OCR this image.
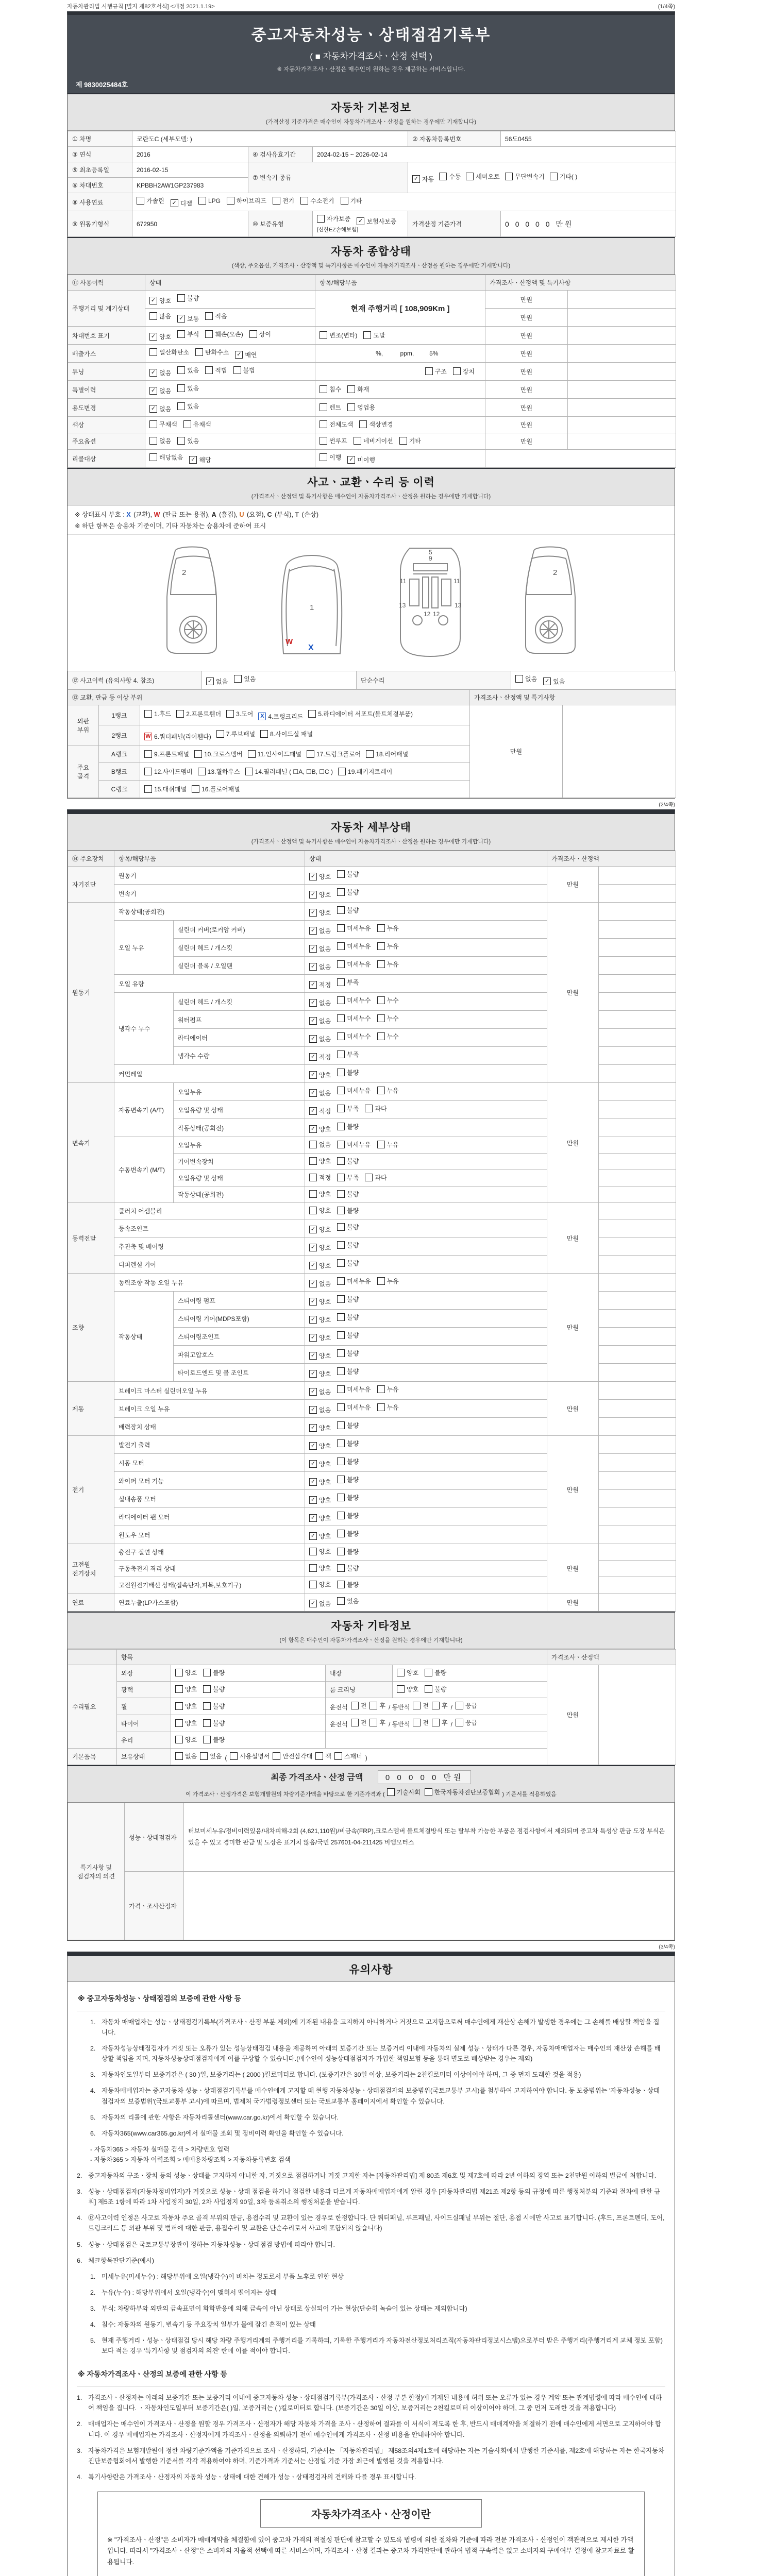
자동차관리법 시행규칙 [별지 제82호서식] <개정 2021.1.19>	(1/4쪽)
중고자동차성능ㆍ상태점검기록부
( ■ 자동차가격조사ㆍ산정 선택 )
※ 자동차가격조사ㆍ산정은 매수인이 원하는 경우 제공하는 서비스입니다.
제 9830025484호
자동차 기본정보
(가격산정 기준가격은 매수인이 자동차가격조사ㆍ산정을 원하는 경우에만 기재합니다)
① 차명	코란도C (세부모델: )			② 자동차등록번호	56도0455
③ 연식	2016	④ 검사유효기간	2024-02-15 ~ 2026-02-14		
⑤ 최초등록일	2016-02-15	⑦ 변속기 종류	✓ 자동 수동 세미오토 무단변속기 기타( )

⑥ 차대번호	KPBBH2AW1GP237983				
⑧ 사용연료	가솔린 ✓ 디젤	LPG	하이브리드	전기	수소전기	기타

⑨ 원동기형식	672950	⑩ 보증유형	자가보증 ✓ 보험사보증
[신한EZ손해보험]	가격산정 기준가격	0 0 0 0 0 만원
자동차 종합상태
(색상, 주요옵션, 가격조사ㆍ산정액 및 특기사항은 매수인이 자동차가격조사ㆍ산정을 원하는 경우에만 기재합니다)
⑪ 사용이력	상태	항목/해당부품	가격조사ㆍ산정액 및 특기사항	
주행거리 및 계기상태	✓ 양호 불량	현재 주행거리 [ 108,909Km ]	만원	

	많음 ✓ 보통 적음		만원	
차대번호 표기	✓ 양호 부식 훼손(오손) 상이	변조(변타) 도말	만원	
배출가스	일산화탄소 탄화수소 ✓ 매연	%,          ppm,         5%	만원	
튜닝	✓ 없음 있음 적법 불법	구조 장치	만원	
특별이력	✓ 없음 있음	침수 화재	만원	
용도변경	✓ 없음 있음	렌트 영업용	만원	
색상	무채색 유채색	전체도색 색상변경	만원	
주요옵션	없음 있음	썬루프 네비게이션 기타	만원	
리콜대상	해당없음 ✓ 해당	이행 ✓ 미이행		

사고ㆍ교환ㆍ수리 등 이력
(가격조사ㆍ산정액 및 특기사항은 매수인이 자동차가격조사ㆍ산정을 원하는 경우에만 기재합니다)
※ 상태표시 부호 : X (교환), W (판금 또는 용접), A (흠집), U (요철), C (부식), T (손상)
※ 하단 항목은 승용차 기준이며, 기타 자동차는 승용차에 준하여 표시
2
1
X
W
11	11
13	13
12 12
9
5
2
⑫ 사고이력 (유의사항 4. 참조)	✓ 없음	있음	단순수리	없음 ✓ 있음
⑬ 교환, 판금 등 이상 부위			가격조사ㆍ산정액 및 특기사항	
외판 부위	1랭크	1.후드 2.프론트휀더 3.도어	X 4.트렁크리드 5.라디에이터 서포트(볼트체결부품)
	만원	
	2랭크	W 6.쿼터패널(리어휀다) 7.루브패널 8.사이드실 패널		

주요 골격	A랭크	9.프론트패널 10.크로스멤버 11.인사이드패널 17.트렁크플로어 18.리어패널		

	B랭크	12.사이드멤버 13.휠하우스 14.필러패널 ( ☐A, ☐B, ☐C ) 19.패키지트레이		

	C랭크	15.대쉬패널 16.플로어패널		
(2/4쪽)
자동차 세부상태
(가격조사ㆍ산정액 및 특기사항은 매수인이 자동차가격조사ㆍ산정을 원하는 경우에만 기재합니다)
⑭ 주요장치	항목/해당부품		상태	가격조사ㆍ산정액	
자기진단	원동기		✓ 양호 불량	만원	
	변속기		✓ 양호 불량		

원동기	작동상태(공회전)		✓ 양호 불량	만원	
	오일 누유	실린더 커버(로커암 커버)	✓ 없음 미세누유 누유		

		실린더 헤드 / 개스킷	✓ 없음 미세누유 누유		

		실린더 블록 / 오일팬	✓ 없음 미세누유 누유		

	오일 유량		✓ 적정 부족		

	냉각수 누수	실린더 헤드 / 개스킷	✓ 없음 미세누수 누수		

		워터펌프	✓ 없음 미세누수 누수		

		라디에이터	✓ 없음 미세누수 누수		

		냉각수 수량	✓ 적정 부족		

	커먼레일		✓ 양호 불량		

변속기	자동변속기 (A/T)	오일누유	✓ 없음 미세누유 누유	만원	
		오일유량 및 상태	✓ 적정 부족 과다		

		작동상태(공회전)	✓ 양호 불량		

	수동변속기 (M/T)	오일누유	없음 미세누유 누유		

		기어변속장치	양호 불량		

		오일유량 및 상태	적정 부족 과다		

		작동상태(공회전)	양호 불량		

동력전달	클러치 어셈블리		양호 불량	만원	
	등속조인트		✓ 양호 불량		

	추진축 및 베어링		✓ 양호 불량		

	디퍼렌셜 기어		✓ 양호 불량		

조향	동력조향 작동 오일 누유		✓ 없음 미세누유 누유	만원	
	작동상태	스티어링 펌프	✓ 양호 불량		

		스티어링 기어(MDPS포함)	✓ 양호 불량		

		스티어링조인트	✓ 양호 불량		

		파워고압호스	✓ 양호 불량		

		타이로드엔드 및 볼 조인트	✓ 양호 불량		

제동	브레이크 마스터 실린더오일 누유		✓ 없음 미세누유 누유	만원	
	브레이크 오일 누유		✓ 없음 미세누유 누유		

	배력장치 상태		✓ 양호 불량		

전기	발전기 출력		✓ 양호 불량	만원	
	시동 모터		✓ 양호 불량		

	와이퍼 모터 기능		✓ 양호 불량		

	실내송풍 모터		✓ 양호 불량		

	라디에이터 팬 모터		✓ 양호 불량		

	윈도우 모터		✓ 양호 불량		

고전원 전기장치	충전구 절연 상태		양호 불량	만원	
	구동축전지 격리 상태		양호 불량		

	고전원전기배선 상태(접속단자,피복,보호기구)		양호 불량		

연료	연료누출(LP가스포함)		✓ 없음 있음	만원	
자동차 기타정보
(이 항목은 매수인이 자동차가격조사ㆍ산정을 원하는 경우에만 기재합니다)
	항목				가격조사ㆍ산정액	
수리필요	외장	양호 불량	내장	양호 불량	만원	
	광택	양호 불량	룸 크리닝	양호 불량		

휠	양호	불량	운전석 전 후 / 동반석 전 후 / 응급

타이어	양호	불량	운전석 전 후 / 동반석 전 후 / 응급

	유리	양호 불량				

기본품목	보유상태	없음 있음 ( 사용설명서 안전삼각대 잭 스패너 )
최종 가격조사ㆍ산정 금액	0 0 0 0 0 만원
이 가격조사ㆍ산정가격은 보험개발원의 차량기준가액을 바탕으로 한 기준가격과 ( 기술사회 한국자동차진단보증협회 ) 기준서를 적용하였음
특기사항 및 점검자의 의견	성능ㆍ상태점검자	터보미세누유/정비이력있음/내차피해-2회 (4,621,110원)/비금속(FRP),크로스멤버 볼트체결방식 또는 탈부착 가능한 부품은 점검사항에서 제외되며 중고차 특성상 판금 도장 부식은 있을 수 있고 경미한 판금 및 도장은 표기치 않음/국민 257601-04-211425 비엠모터스
	가격ㆍ조사산정자	
(3/4쪽)
유의사항
※ 중고자동차성능ㆍ상태점검의 보증에 관한 사항 등
1. 자동차 매매업자는 성능ㆍ상태점검기록부(가격조사ㆍ산정 부분 제외)에 기재된 내용을 고지하지 아니하거나 거짓으로 고지함으로써 매수인에게 재산상 손해가 발생한 경우에는 그 손해를 배상할 책임을 집니다.
2. 자동차성능상태점검자가 거짓 또는 오류가 있는 성능상태점검 내용을 제공하여 아래의 보증기간 또는 보증거리 이내에 자동차의 실제 성능ㆍ상태가 다른 경우, 자동차매매업자는 매수인의 재산상 손해를 배상할 책임을 지며, 자동차성능상태점검자에게 이를 구상할 수 있습니다.(매수인이 성능상태점검자가 가입한 책임보험 등을 통해 별도로 배상받는 경우는 제외)
3. 자동차인도일부터 보증기간은 ( 30 )일, 보증거리는 ( 2000 )킬로미터로 합니다. (보증기간은 30일 이상, 보증거리는 2천킬로미터 이상이어야 하며, 그 중 먼저 도래한 것을 적용)
4. 자동차매매업자는 중고자동차 성능ㆍ상태점검기록부를 매수인에게 고지할 때 현행 자동차성능ㆍ상태점검자의 보증범위(국토교통부 고시)를 첨부하여 고지하여야 합니다. 동 보증범위는 '자동차성능ㆍ상태점검자의 보증범위'(국토교통부 고시)에 따르며, 법제처 국가법령정보센터 또는 국토교통부 홈페이지에서 확인할 수 있습니다.
5. 자동차의 리콜에 관한 사항은 자동차리콜센터(www.car.go.kr)에서 확인할 수 있습니다.
6. 자동차365(www.car365.go.kr)에서 실매물 조회 및 정비이력 확인을 확인할 수 있습니다.
- 자동차365 > 자동차 실매물 검색 > 차량번호 입력
- 자동차365 > 자동차 이력조회 > 매매용차량조회 > 자동차등록번호 검색
2. 중고자동차의 구조ㆍ장치 등의 성능ㆍ상태를 고지하지 아니한 자, 거짓으로 점검하거나 거짓 고지한 자는 [자동차관리법] 제 80조 제6호 및 제7호에 따라 2년 이하의 징역 또는 2천만원 이하의 벌금에 처합니다.
3. 성능ㆍ상태점검자(자동차정비업자)가 거짓으로 성능ㆍ상태 점검을 하거나 점검한 내용과 다르게 자동차매매업자에게 알린 경우 [자동차관리법 제21조 제2항 등의 규정에 따른 행정처분의 기준과 절차에 관한 규칙] 제5조 1항에 따라 1차 사업정지 30일, 2차 사업정지 90일, 3차 등록취소의 행정처분을 받습니다.
4. ⑫사고이력 인정은 사고로 자동차 주요 골격 부위의 판금, 용접수리 및 교환이 있는 경우로 한정합니다. 단 쿼터패널, 루프패널, 사이드실패널 부위는 절단, 용접 시에만 사고로 표기합니다. (후드, 프론트펜더, 도어, 트렁크리드 등 외판 부위 및 범퍼에 대한 판금, 용접수리 및 교환은 단순수리로서 사고에 포함되지 않습니다)
5. 성능ㆍ상태점검은 국토교통부장관이 정하는 자동차성능ㆍ상태점검 방법에 따라야 합니다.
6. 체크항목판단기준(예시)
1. 미세누유(미세누수) : 해당부위에 오일(냉각수)이 비치는 정도로서 부품 노후로 인한 현상
2. 누유(누수) : 해당부위에서 오일(냉각수)이 맺혀서 떨어지는 상태
3. 부식: 차량하부와 외판의 금속표면이 화학반응에 의해 금속이 아닌 상태로 상실되어 가는 현상(단순히 녹슬어 있는 상태는 제외합니다)
4. 침수: 자동차의 원동기, 변속기 등 주요장치 일부가 물에 잠긴 흔적이 있는 상태
5. 현재 주행거리ㆍ성능ㆍ상태점검 당시 해당 차량 주행거리계의 주행거리를 기록하되, 기록한 주행거리가 자동차전산정보처리조직(자동차관리정보시스템)으로부터 받은 주행거리(주행거리계 교체 정보 포함)보다 적은 경우 '특기사항 및 점검자의 의견' 란에 이를 적어야 합니다.
※ 자동차가격조사ㆍ산정의 보증에 관한 사항 등
1. 가격조사ㆍ산정자는 아래의 보증기간 또는 보증거리 이내에 중고자동차 성능ㆍ상태점검기록부(가격조사ㆍ산정 부분 한정)에 기재된 내용에 허위 또는 오류가 있는 경우 계약 또는 관계법령에 따라 매수인에 대하여 책임을 집니다. ㆍ자동차인도일부터 보증기간은( )일, 보증거리는 ( )킬로미터로 합니다. (보증기간은 30일 이상, 보증거리는 2천킬로미터 이상이어야 하며, 그 중 먼저 도래한 것을 적용합니다)
2. 매매업자는 매수인이 가격조사ㆍ산정을 원할 경우 가격조사ㆍ산정자가 해당 자동차 가격을 조사ㆍ산정하여 결과를 이 서식에 적도록 한 후, 반드시 매매계약을 체결하기 전에 매수인에게 서면으로 고지하여야 합니다. 이 경우 매매업자는 가격조사ㆍ산정자에게 가격조사ㆍ산정을 의뢰하기 전에 매수인에게 가격조사ㆍ산정 비용을 안내하여야 합니다.
3. 자동차가격은 보험개발원이 정한 차량기준가액을 기준가격으로 조사ㆍ산정하되, 기준서는 「자동차관리법」 제58조의4제1호에 해당하는 자는 기술사회에서 발행한 기준서를, 제2호에 해당하는 자는 한국자동차진단보증협회에서 발행한 기준서를 각각 적용하여야 하며, 기준가격과 기준서는 산정일 기준 가장 최근에 발행된 것을 적용합니다.
4. 특기사항란은 가격조사ㆍ산정자의 자동차 성능ㆍ상태에 대한 견해가 성능ㆍ상태점검자의 견해와 다를 경우 표시합니다.
자동차가격조사ㆍ산정이란
※ "가격조사ㆍ산정"은 소비자가 매매계약을 체결함에 있어 중고차 가격의 적절성 판단에 참고할 수 있도록 법령에 의한 절차와 기준에 따라 전문 가격조사ㆍ산정인이 객관적으로 제시한 가액입니다. 따라서 "가격조사ㆍ산정"은 소비자의 자율적 선택에 따른 서비스이며, 가격조사ㆍ산정 결과는 중고차 가격판단에 관하여 법적 구속력은 없고 소비자의 구매여부 결정에 참고자료로 활용됩니다.
